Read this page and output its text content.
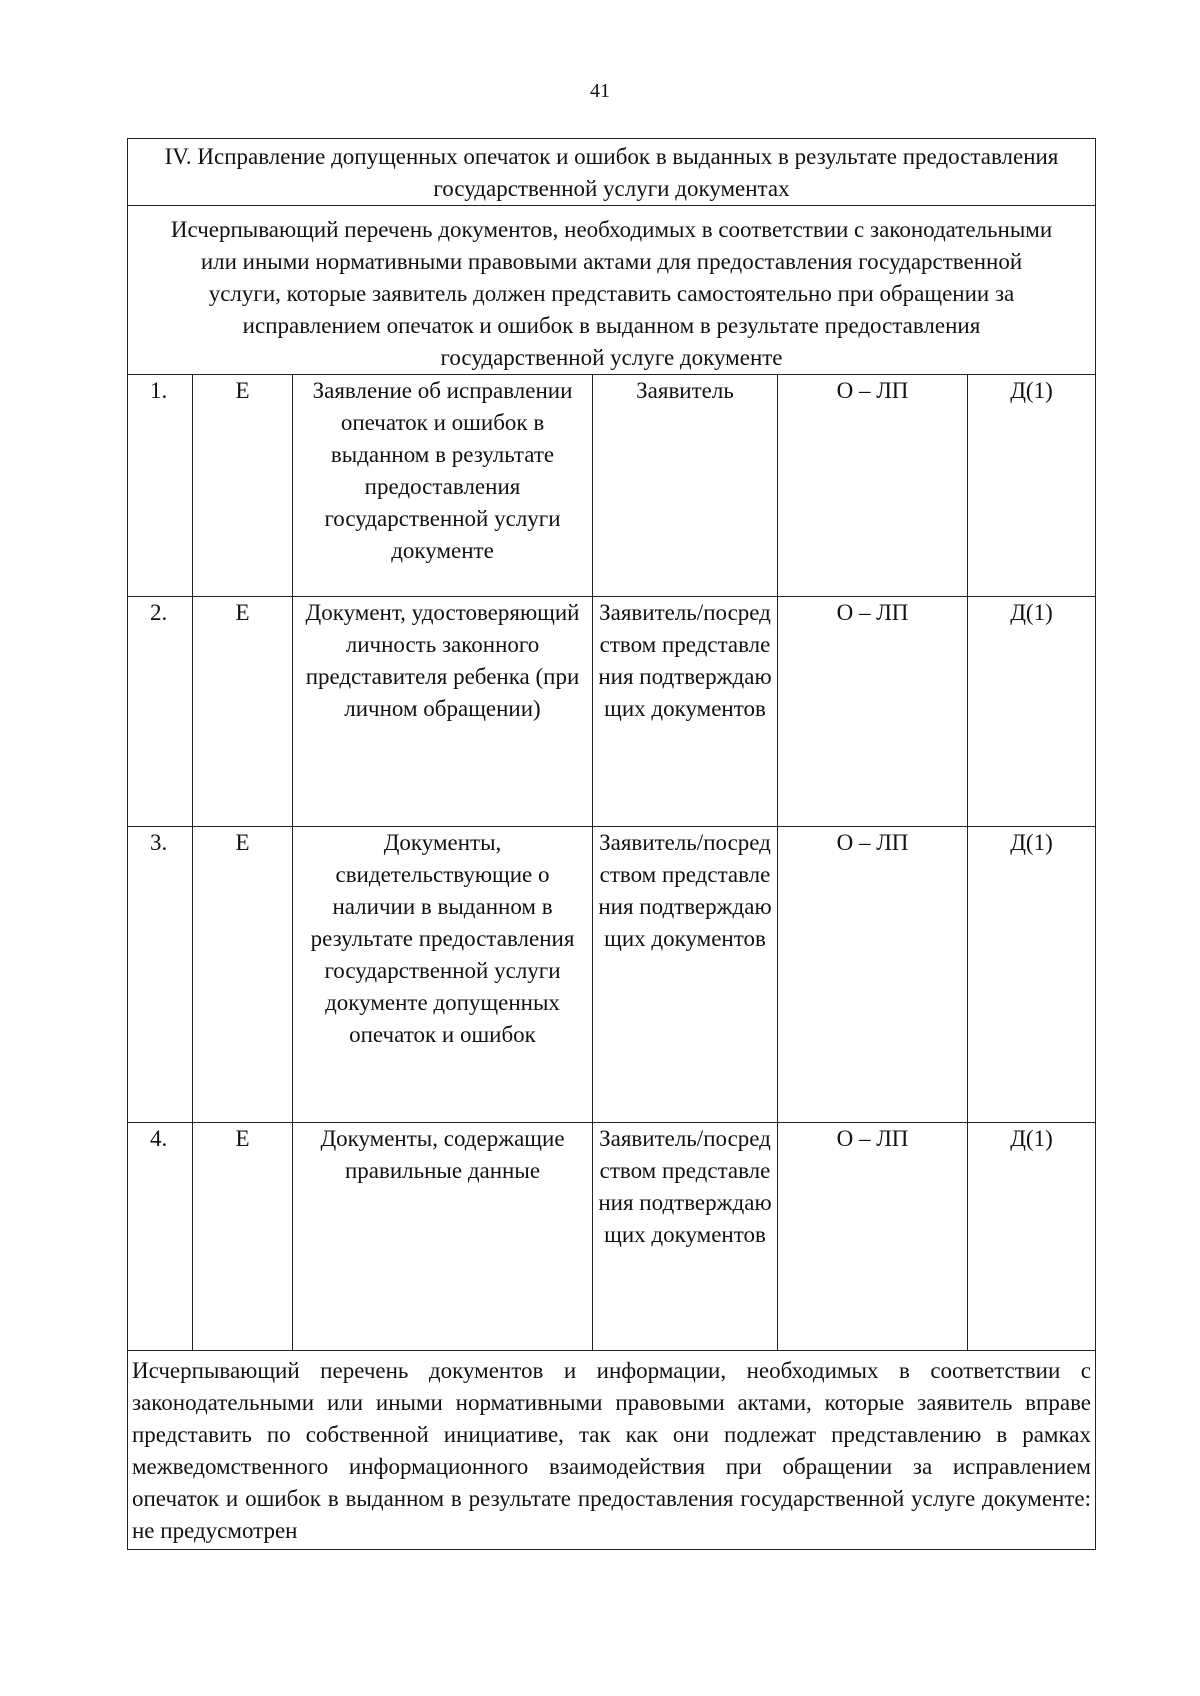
41
IV. Исправление допущенных опечаток и ошибок в выданных в результате предоставления государственной услуги документах					
Исчерпывающий перечень документов, необходимых в соответствии с законодательными или иными нормативными правовыми актами для предоставления государственной услуги, которые заявитель должен представить самостоятельно при обращении за исправлением опечаток и ошибок в выданном в результате предоставления государственной услуге документе					
1.	Е	Заявление об исправлении опечаток и ошибок в выданном в результате предоставления государственной услуги документе	Заявитель	О – ЛП	Д(1)
2.	Е	Документ, удостоверяющий личность законного представителя ребенка (при личном обращении)	Заявитель/посредством представления подтверждающих документов	О – ЛП	Д(1)
3.	Е	Документы, свидетельствующие о наличии в выданном в результате предоставления государственной услуги документе допущенных опечаток и ошибок	Заявитель/посредством представления подтверждающих документов	О – ЛП	Д(1)
4.	Е	Документы, содержащие правильные данные	Заявитель/посредством представления подтверждающих документов	О – ЛП	Д(1)
Исчерпывающий перечень документов и информации, необходимых в соответствии с законодательными или иными нормативными правовыми актами, которые заявитель вправе представить по собственной инициативе, так как они подлежат представлению в рамках межведомственного информационного взаимодействия при обращении за исправлением опечаток и ошибок в выданном в результате предоставления государственной услуге документе: не предусмотрен					
